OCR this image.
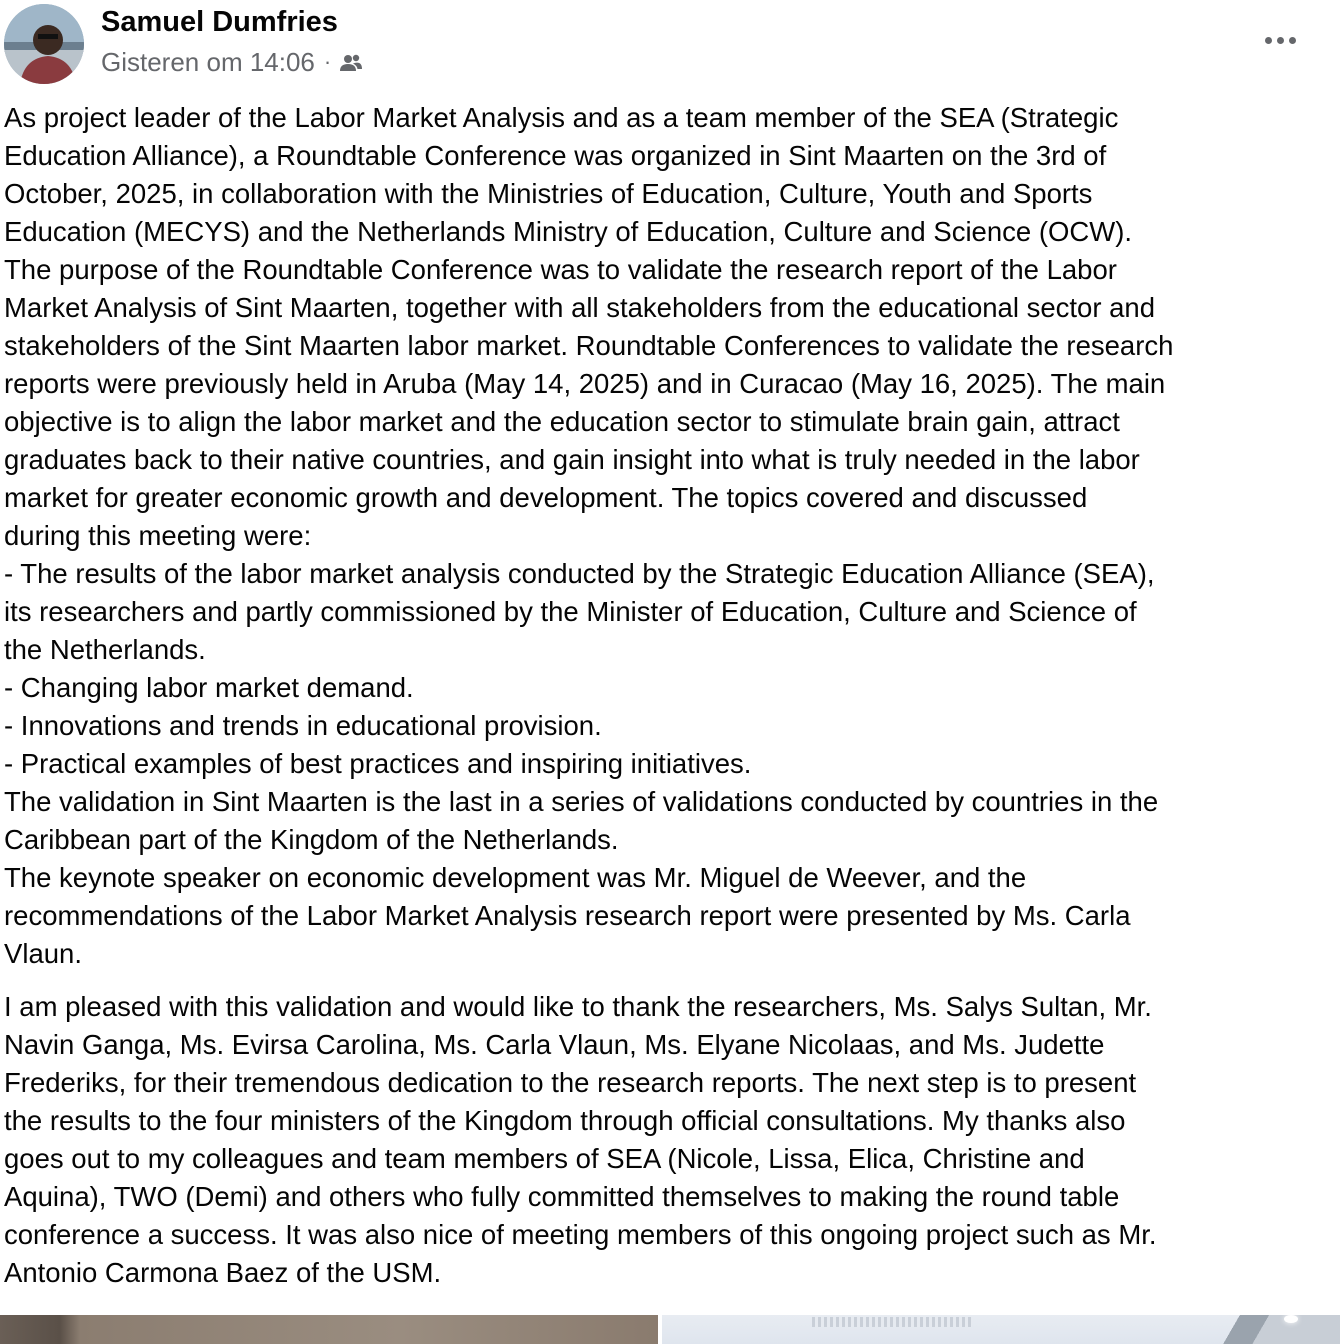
Samuel Dumfries
Gisteren om 14:06 ·

As project leader of the Labor Market Analysis and as a team member of the SEA (Strategic
Education Alliance), a Roundtable Conference was organized in Sint Maarten on the 3rd of
October, 2025, in collaboration with the Ministries of Education, Culture, Youth and Sports
Education (MECYS) and the Netherlands Ministry of Education, Culture and Science (OCW).
The purpose of the Roundtable Conference was to validate the research report of the Labor
Market Analysis of Sint Maarten, together with all stakeholders from the educational sector and
stakeholders of the Sint Maarten labor market. Roundtable Conferences to validate the research
reports were previously held in Aruba (May 14, 2025) and in Curacao (May 16, 2025). The main
objective is to align the labor market and the education sector to stimulate brain gain, attract
graduates back to their native countries, and gain insight into what is truly needed in the labor
market for greater economic growth and development. The topics covered and discussed
during this meeting were:
- The results of the labor market analysis conducted by the Strategic Education Alliance (SEA),
its researchers and partly commissioned by the Minister of Education, Culture and Science of
the Netherlands.
- Changing labor market demand.
- Innovations and trends in educational provision.
- Practical examples of best practices and inspiring initiatives.
The validation in Sint Maarten is the last in a series of validations conducted by countries in the
Caribbean part of the Kingdom of the Netherlands.
The keynote speaker on economic development was Mr. Miguel de Weever, and the
recommendations of the Labor Market Analysis research report were presented by Ms. Carla
Vlaun.

I am pleased with this validation and would like to thank the researchers, Ms. Salys Sultan, Mr.
Navin Ganga, Ms. Evirsa Carolina, Ms. Carla Vlaun, Ms. Elyane Nicolaas, and Ms. Judette
Frederiks, for their tremendous dedication to the research reports. The next step is to present
the results to the four ministers of the Kingdom through official consultations. My thanks also
goes out to my colleagues and team members of SEA (Nicole, Lissa, Elica, Christine and
Aquina), TWO (Demi) and others who fully committed themselves to making the round table
conference a success. It was also nice of meeting members of this ongoing project such as Mr.
Antonio Carmona Baez of the USM.
